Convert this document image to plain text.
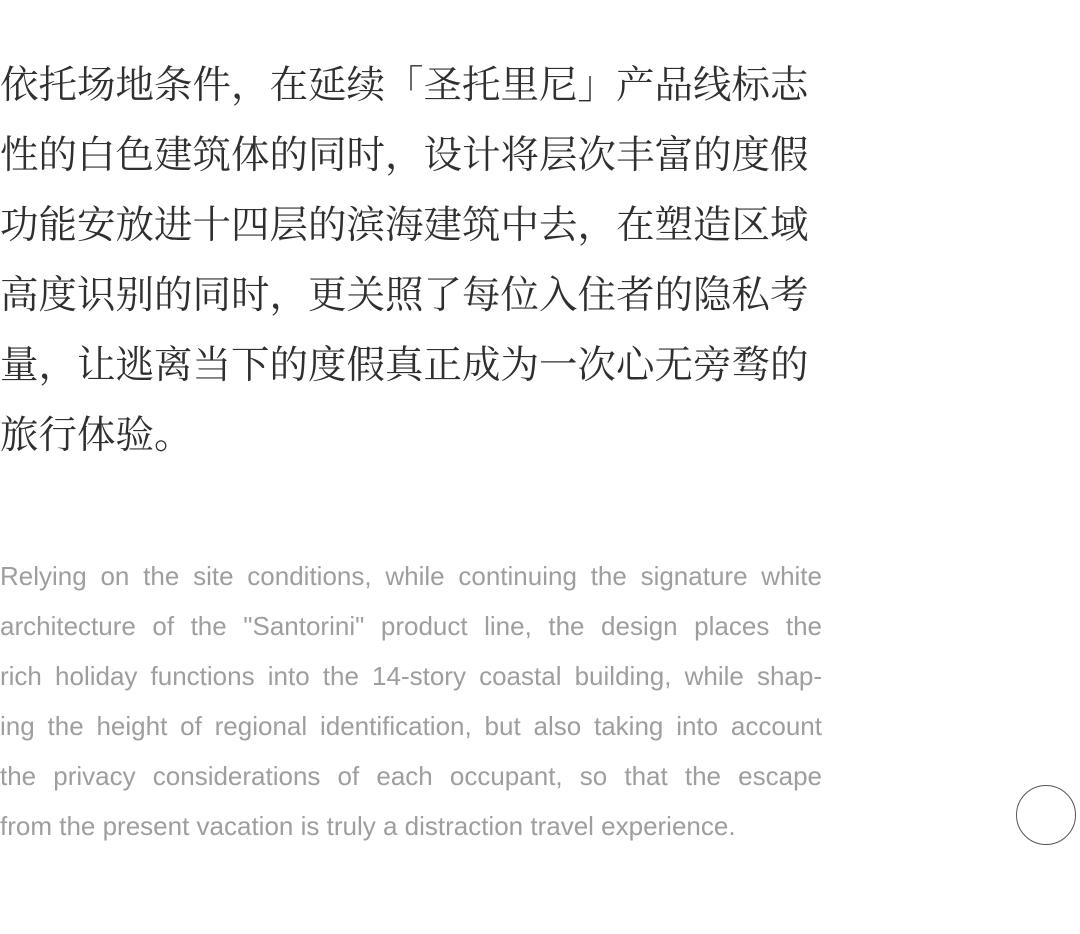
依托场地条件，在延续「圣托里尼」产品线标志
性的白色建筑体的同时，设计将层次丰富的度假
功能安放进十四层的滨海建筑中去，在塑造区域
高度识别的同时，更关照了每位入住者的隐私考
量，让逃离当下的度假真正成为一次心无旁骛的
旅行体验。
Relying on the site conditions, while continuing the signature white
architecture of the "Santorini" product line, the design places the
rich holiday functions into the 14-story coastal building, while shap-
ing the height of regional identification, but also taking into account
the privacy considerations of each occupant, so that the escape
from the present vacation is truly a distraction travel experience.
